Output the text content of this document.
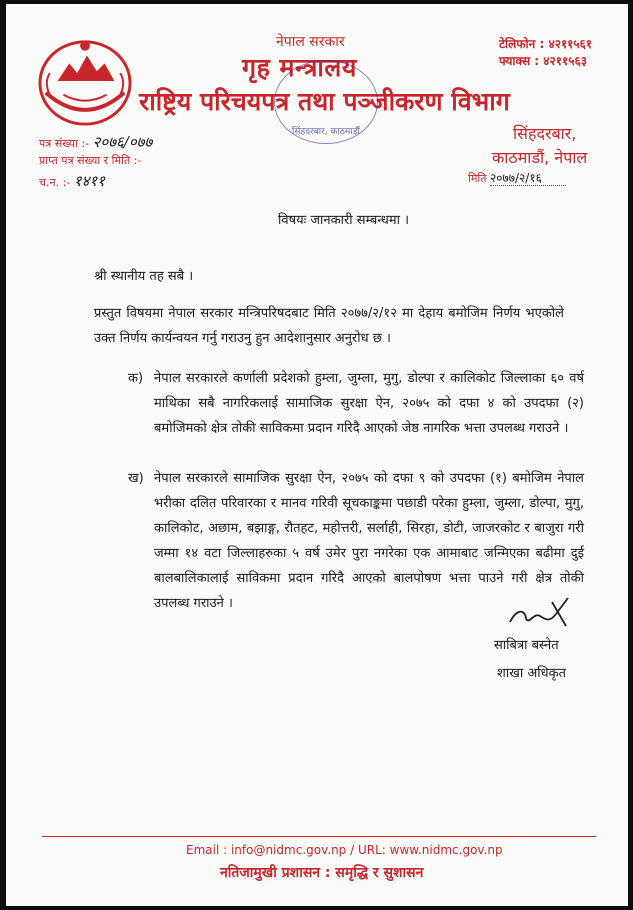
नेपाल सरकार
गृह मन्त्रालय
राष्ट्रिय परिचयपत्र तथा पञ्जीकरण विभाग
टेलिफोन : ४२११५६१
फ्याक्स : ४२११५६३
सिंहदरबार, काठमाडौं	सिंहदरबार,
काठमाडौं, नेपाल
पत्र संख्या :- २०७६/०७७
प्राप्त पत्र संख्या र मिति :-
च.न. :- १४११	मिति २०७७/२/१६
विषयः जानकारी सम्बन्धमा ।
श्री स्थानीय तह सबै ।
प्रस्तुत विषयमा नेपाल सरकार मन्त्रिपरिषदबाट मिति २०७७/२/१२ मा देहाय बमोजिम निर्णय भएकोले उक्त निर्णय कार्यन्वयन गर्नु गराउनु हुन आदेशानुसार अनुरोध छ ।
क) नेपाल सरकारले कर्णाली प्रदेशको हुम्ला, जुम्ला, मुगु, डोल्पा र कालिकोट जिल्लाका ६० वर्ष माथिका सबै नागरिकलाई सामाजिक सुरक्षा ऐन, २०७५ को दफा ४ को उपदफा (२) बमोजिमको क्षेत्र तोकी साविकमा प्रदान गरिदै आएको जेष्ठ नागरिक भत्ता उपलब्ध गराउने ।
ख) नेपाल सरकारले सामाजिक सुरक्षा ऐन, २०७५ को दफा ९ को उपदफा (१) बमोजिम नेपाल भरीका दलित परिवारका र मानव गरिवी सूचकाङ्कमा पछाडी परेका हुम्ला, जुम्ला, डोल्पा, मुगु, कालिकोट, अछाम, बझाङ्ग, रौतहट, महोत्तरी, सर्लाही, सिरहा, डोटी, जाजरकोट र बाजुरा गरी जम्मा १४ वटा जिल्लाहरुका ५ वर्ष उमेर पुरा नगरेका एक आमाबाट जन्मिएका बढीमा दुई बालबालिकालाई साविकमा प्रदान गरिदै आएको बालपोषण भत्ता पाउने गरी क्षेत्र तोकी उपलब्ध गराउने ।
साबित्रा बस्नेत
शाखा अधिकृत
Email : info@nidmc.gov.np / URL: www.nidmc.gov.np
नतिजामुखी प्रशासन : समृद्धि र सुशासन
